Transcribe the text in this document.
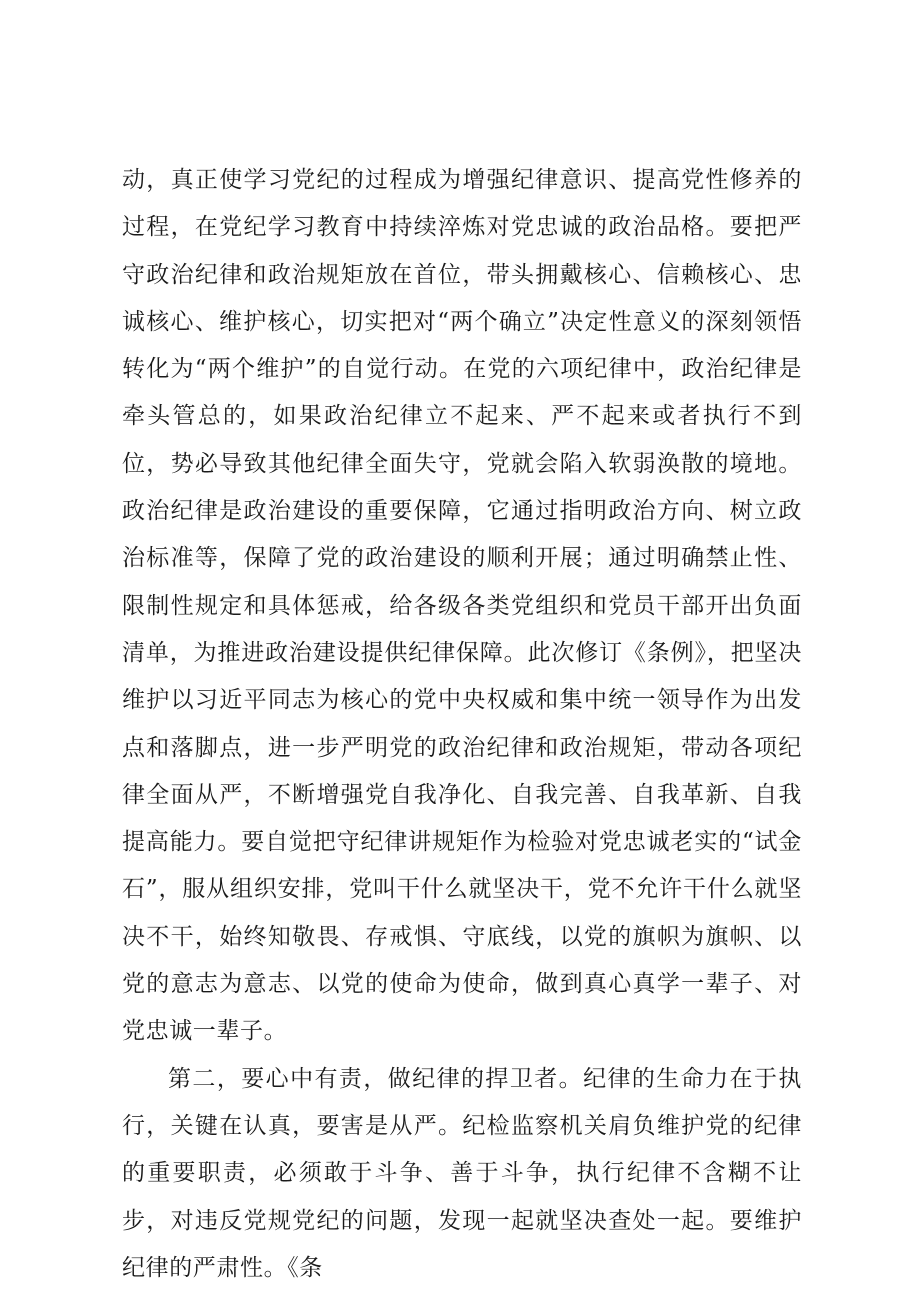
动，真正使学习党纪的过程成为增强纪律意识、提高党性修养的过程，在党纪学习教育中持续淬炼对党忠诚的政治品格。要把严守政治纪律和政治规矩放在首位，带头拥戴核心、信赖核心、忠诚核心、维护核心，切实把对“两个确立”决定性意义的深刻领悟转化为“两个维护”的自觉行动。在党的六项纪律中，政治纪律是牵头管总的，如果政治纪律立不起来、严不起来或者执行不到位，势必导致其他纪律全面失守，党就会陷入软弱涣散的境地。政治纪律是政治建设的重要保障，它通过指明政治方向、树立政治标准等，保障了党的政治建设的顺利开展；通过明确禁止性、限制性规定和具体惩戒，给各级各类党组织和党员干部开出负面清单，为推进政治建设提供纪律保障。此次修订《条例》，把坚决维护以习近平同志为核心的党中央权威和集中统一领导作为出发点和落脚点，进一步严明党的政治纪律和政治规矩，带动各项纪律全面从严，不断增强党自我净化、自我完善、自我革新、自我提高能力。要自觉把守纪律讲规矩作为检验对党忠诚老实的“试金石”，服从组织安排，党叫干什么就坚决干，党不允许干什么就坚决不干，始终知敬畏、存戒惧、守底线，以党的旗帜为旗帜、以党的意志为意志、以党的使命为使命，做到真心真学一辈子、对党忠诚一辈子。

第二，要心中有责，做纪律的捍卫者。纪律的生命力在于执行，关键在认真，要害是从严。纪检监察机关肩负维护党的纪律的重要职责，必须敢于斗争、善于斗争，执行纪律不含糊不让步，对违反党规党纪的问题，发现一起就坚决查处一起。要维护纪律的严肃性。《条
